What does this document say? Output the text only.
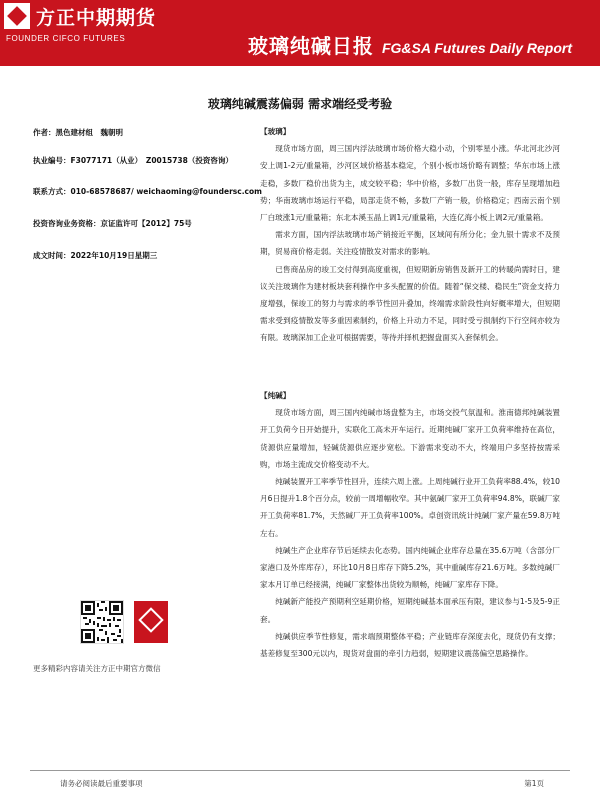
方正中期期货
FOUNDER CIFCO FUTURES	玻璃纯碱日报 FG&SA Futures Daily Report
玻璃纯碱震荡偏弱 需求端经受考验
作者：黑色建材组　魏朝明
执业编号：F3077171（从业）　Z0015738（投资咨询）
联系方式：010-68578687/ weichaoming@foundersc.com
投资咨询业务资格：京证监许可【2012】75号
成文时间：2022年10月19日星期三
更多精彩内容请关注方正中期官方微信

【玻璃】

现货市场方面，周三国内浮法玻璃市场价格大稳小动，个别零星小涨。华北河北沙河安上调1-2元/重量箱，沙河区域价格基本稳定，个别小板市场价略有调整；华东市场上涨走稳，多数厂稳价出货为主，成交较平稳；华中价格，多数厂出货一般，库存呈现增加趋势；华南玻璃市场运行平稳，局部走货不畅，多数厂产销一般，价格稳定；西南云南个别厂白玻涨1元/重量箱；东北本溪玉晶上调1元/重量箱，大连亿海小板上调2元/重量箱。

需求方面，国内浮法玻璃市场产销接近平衡，区域间有所分化；金九银十需求不及预期，贸易商价格走弱。关注疫情散发对需求的影响。

已售商品房的竣工交付得到高度重视，但短期新房销售及新开工的转暖尚需时日，建议关注玻璃作为建材板块套利操作中多头配置的价值。随着“保交楼、稳民生”资金支持力度增强，保竣工的努力与需求的季节性回升叠加，终端需求阶段性向好概率增大，但短期需求受到疫情散发等多重因素制约，价格上升动力不足，同时受亏损制约下行空间亦较为有限。玻璃深加工企业可根据需要，等待并择机把握盘面买入套保机会。

【纯碱】

现货市场方面，周三国内纯碱市场盘整为主，市场交投气氛温和。淮南德邦纯碱装置开工负荷今日开始提升，实联化工高未开车运行。近期纯碱厂家开工负荷率维持在高位，货源供应量增加，轻碱货源供应逐步宽松。下游需求变动不大，终端用户多坚持按需采购，市场主流成交价格变动不大。

纯碱装置开工率季节性回升，连续六周上涨。上周纯碱行业开工负荷率88.4%，较10月6日提升1.8个百分点，较前一周增幅收窄。其中氨碱厂家开工负荷率94.8%，联碱厂家开工负荷率81.7%，天然碱厂开工负荷率100%。卓创资讯统计纯碱厂家产量在59.8万吨左右。

纯碱生产企业库存节后延续去化态势。国内纯碱企业库存总量在35.6万吨（含部分厂家港口及外库库存），环比10月8日库存下降5.2%，其中重碱库存21.6万吨。多数纯碱厂家本月订单已经接满，纯碱厂家整体出货较为顺畅，纯碱厂家库存下降。

纯碱新产能投产预期利空延期价格，短期纯碱基本面承压有限，建议参与1-5及5-9正套。

纯碱供应季节性修复，需求端预期整体平稳；产业链库存深度去化，现货仍有支撑；基差修复至300元以内，现货对盘面的牵引力趋弱，短期建议震荡偏空思路操作。

请务必阅读最后重要事项	第1页
